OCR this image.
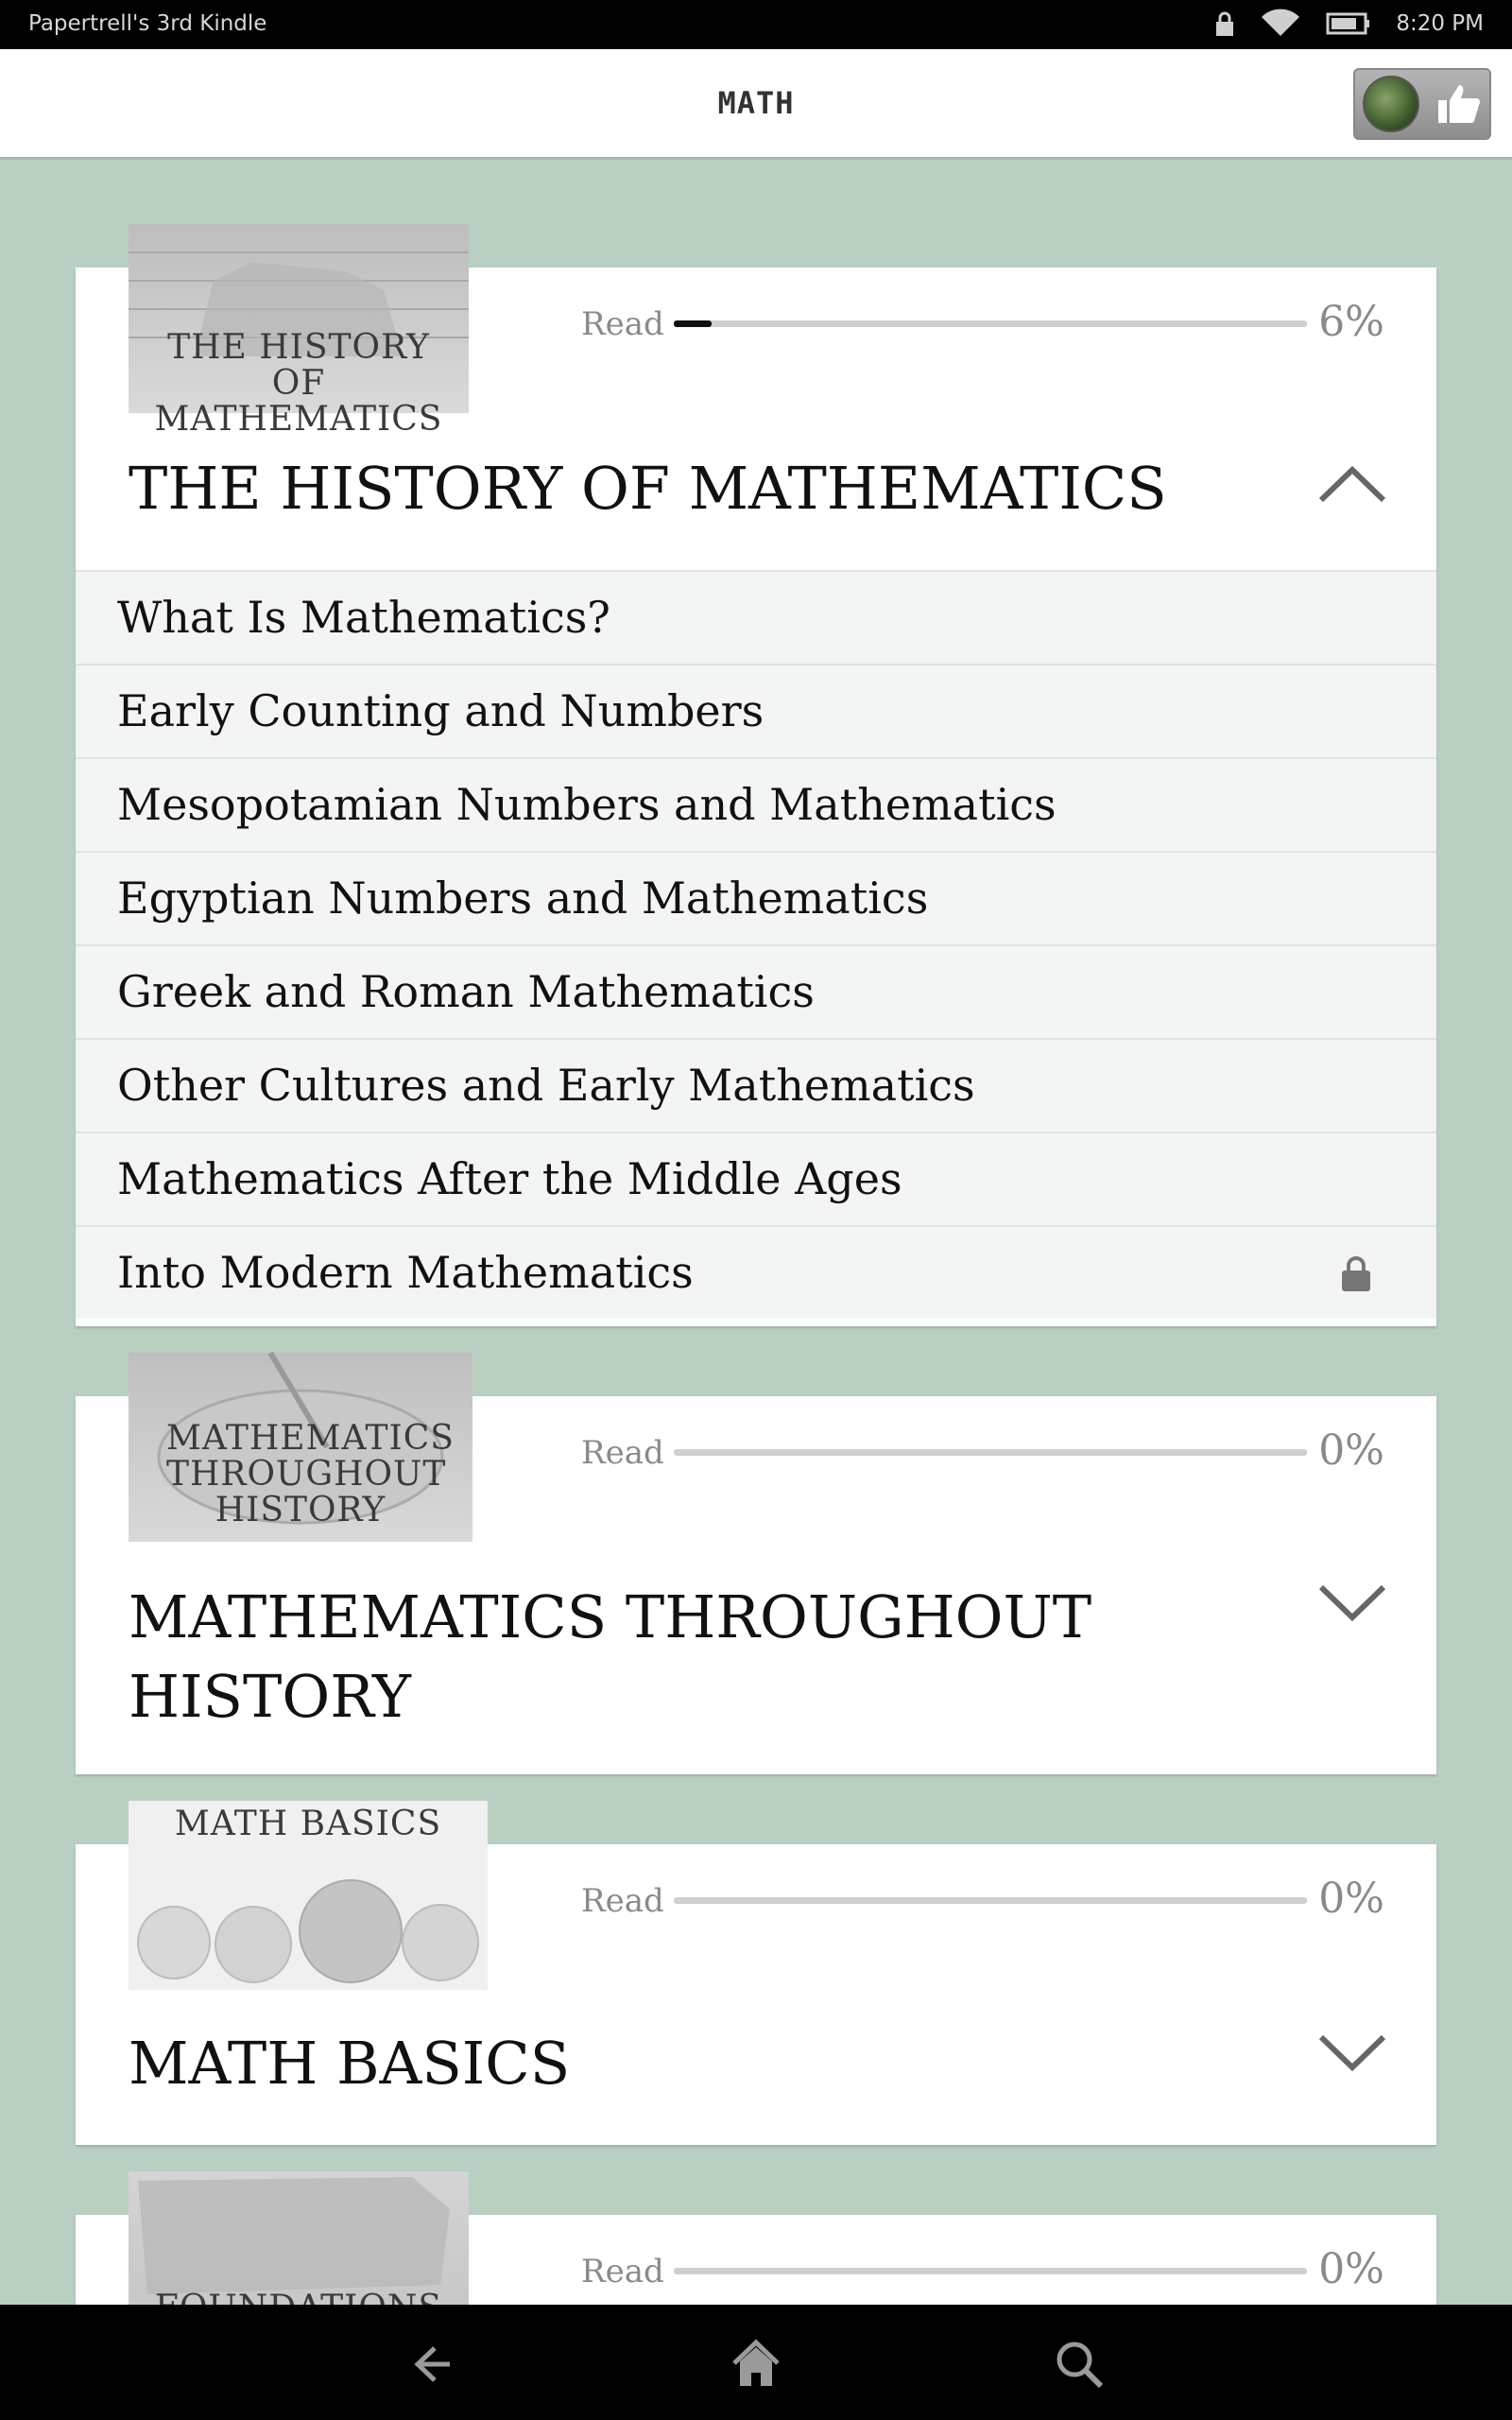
Papertrell's 3rd Kindle	8:20 PM
MATH
THE HISTORY OF MATHEMATICS
Read	6%
THE HISTORY OF MATHEMATICS
What Is Mathematics?
Early Counting and Numbers
Mesopotamian Numbers and Mathematics
Egyptian Numbers and Mathematics
Greek and Roman Mathematics
Other Cultures and Early Mathematics
Mathematics After the Middle Ages
Into Modern Mathematics
MATHEMATICS THROUGHOUT HISTORY
Read	0%
MATHEMATICS THROUGHOUT HISTORY
MATH BASICS
Read	0%
MATH BASICS
Read	0%
